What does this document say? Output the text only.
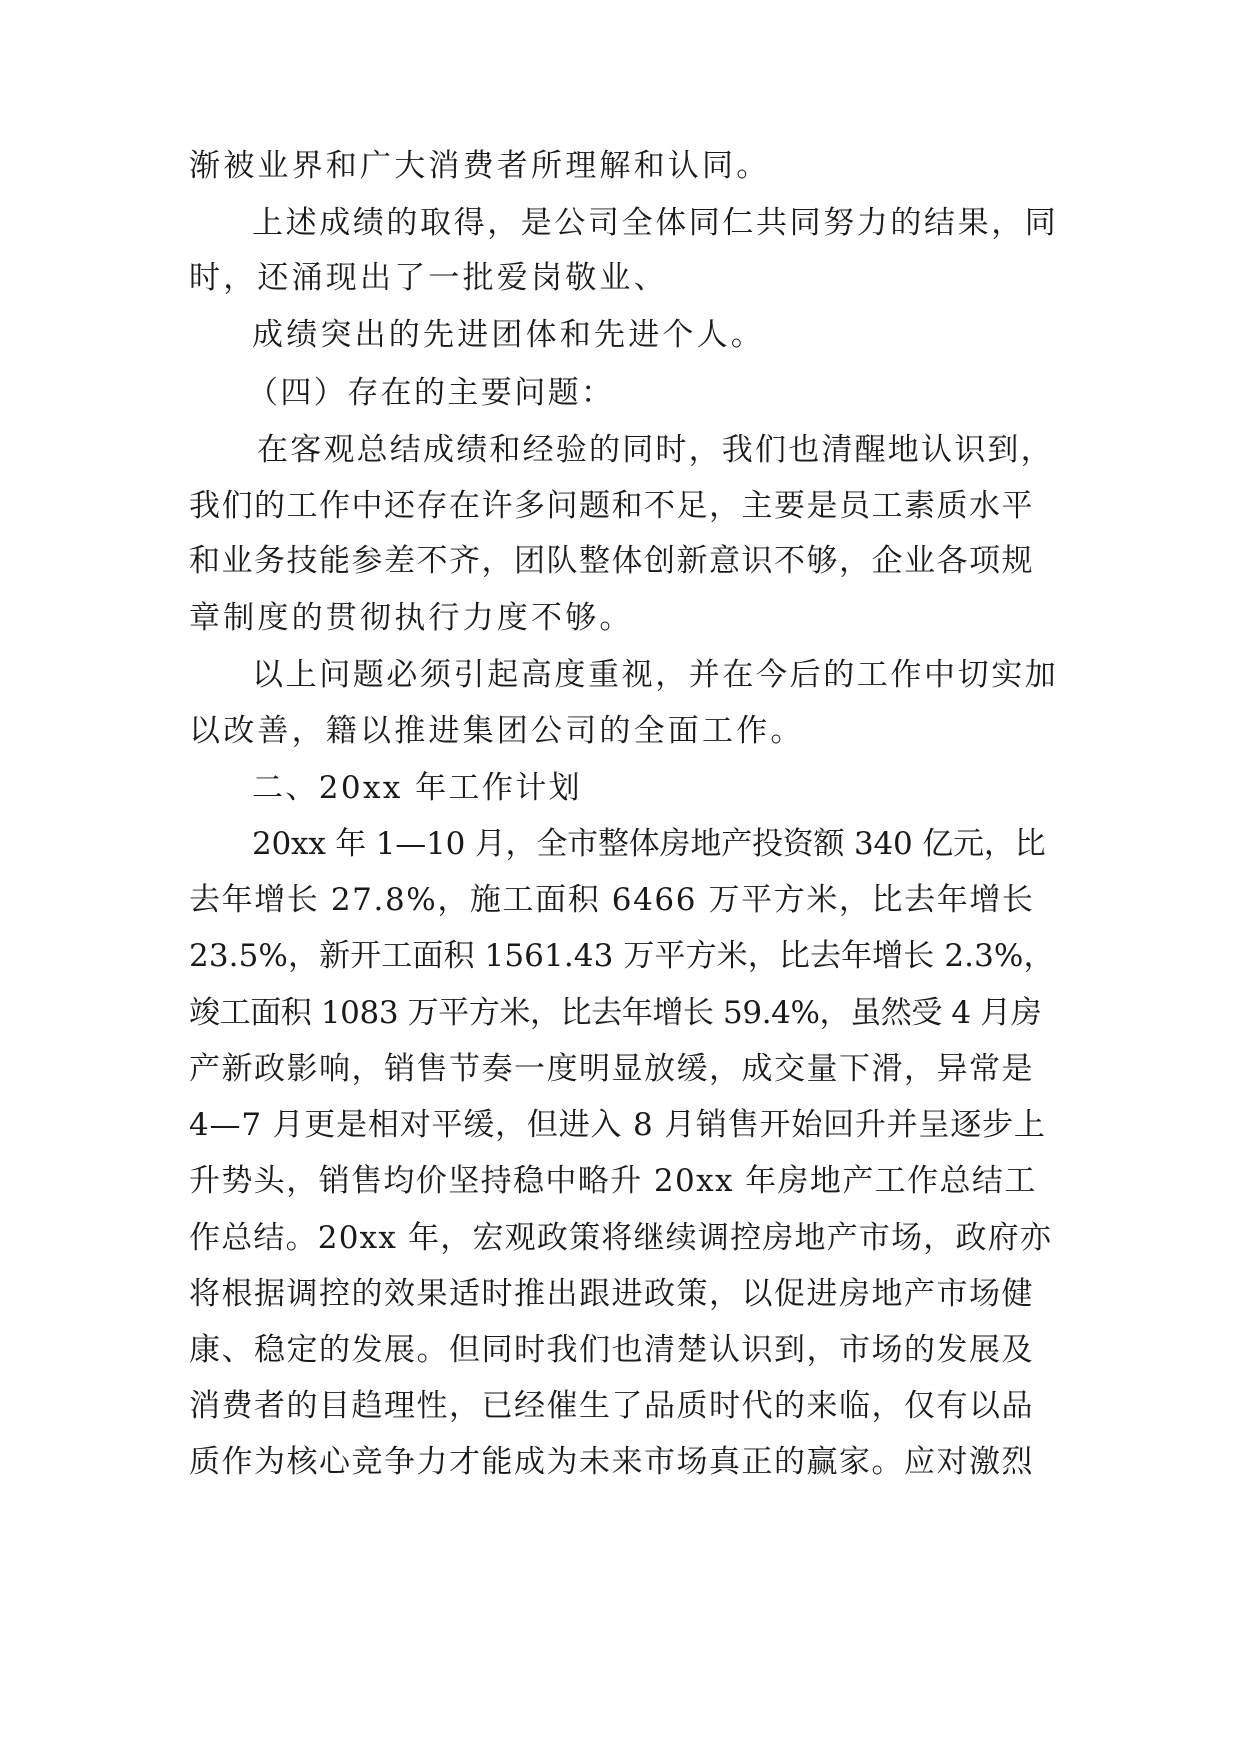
渐被业界和广大消费者所理解和认同。
上述成绩的取得，是公司全体同仁共同努力的结果，同
时，还涌现出了一批爱岗敬业、
成绩突出的先进团体和先进个人。
（四）存在的主要问题：
在客观总结成绩和经验的同时，我们也清醒地认识到，
我们的工作中还存在许多问题和不足，主要是员工素质水平
和业务技能参差不齐，团队整体创新意识不够，企业各项规
章制度的贯彻执行力度不够。
以上问题必须引起高度重视，并在今后的工作中切实加
以改善，籍以推进集团公司的全面工作。
二、20xx 年工作计划
20xx 年 1—10 月，全市整体房地产投资额 340 亿元，比
去年增长 27.8%，施工面积 6466 万平方米，比去年增长
23.5%，新开工面积 1561.43 万平方米，比去年增长 2.3%，
竣工面积 1083 万平方米，比去年增长 59.4%，虽然受 4 月房
产新政影响，销售节奏一度明显放缓，成交量下滑，异常是
4—7 月更是相对平缓，但进入 8 月销售开始回升并呈逐步上
升势头，销售均价坚持稳中略升 20xx 年房地产工作总结工
作总结。20xx 年，宏观政策将继续调控房地产市场，政府亦
将根据调控的效果适时推出跟进政策，以促进房地产市场健
康、稳定的发展。但同时我们也清楚认识到，市场的发展及
消费者的目趋理性，已经催生了品质时代的来临，仅有以品
质作为核心竞争力才能成为未来市场真正的赢家。应对激烈
